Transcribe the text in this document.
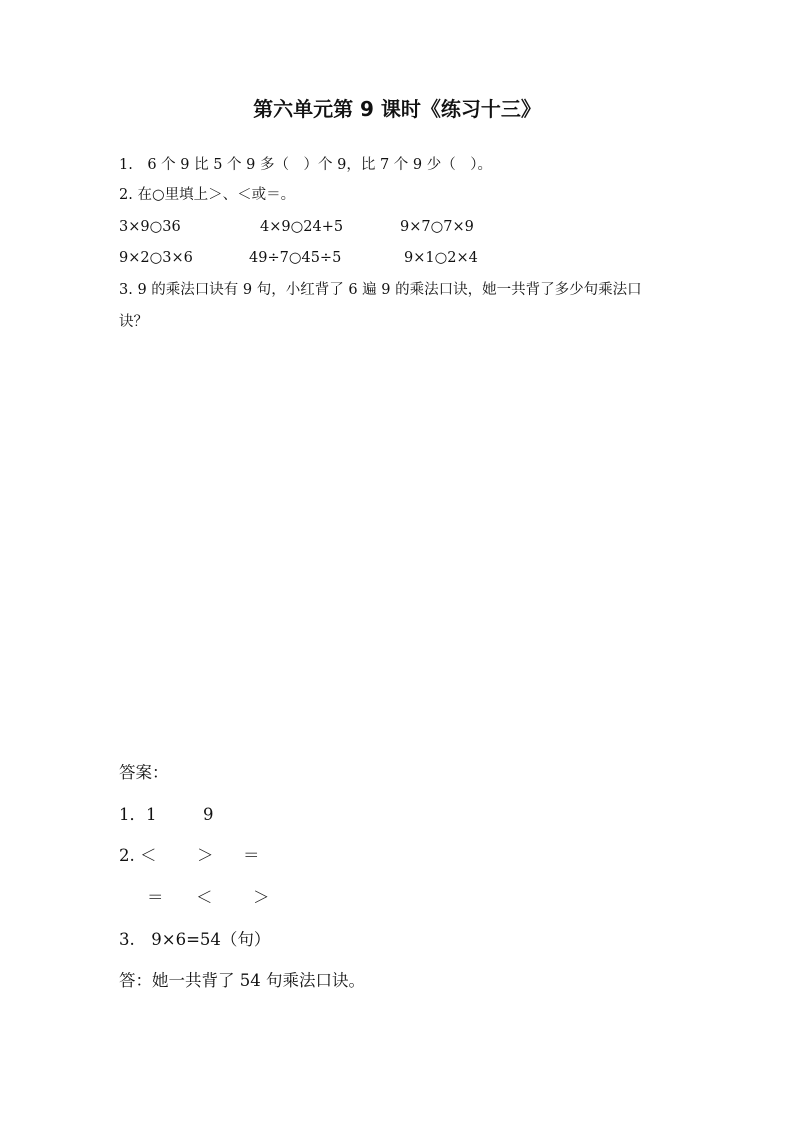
第六单元第 9 课时《练习十三》
1.　6 个 9 比 5 个 9 多（　）个 9，比 7 个 9 少（　）。
2. 在○里填上＞、＜或＝。
3×9○36	4×9○24+5	9×7○7×9
9×2○3×6	49÷7○45÷5	9×1○2×4
3. 9 的乘法口诀有 9 句，小红背了 6 遍 9 的乘法口诀，她一共背了多少句乘法口
诀？
答案：
1．1	9
2. ＜ ＞ ＝
＝ ＜ ＞
3.　9×6=54（句）
答：她一共背了 54 句乘法口诀。
